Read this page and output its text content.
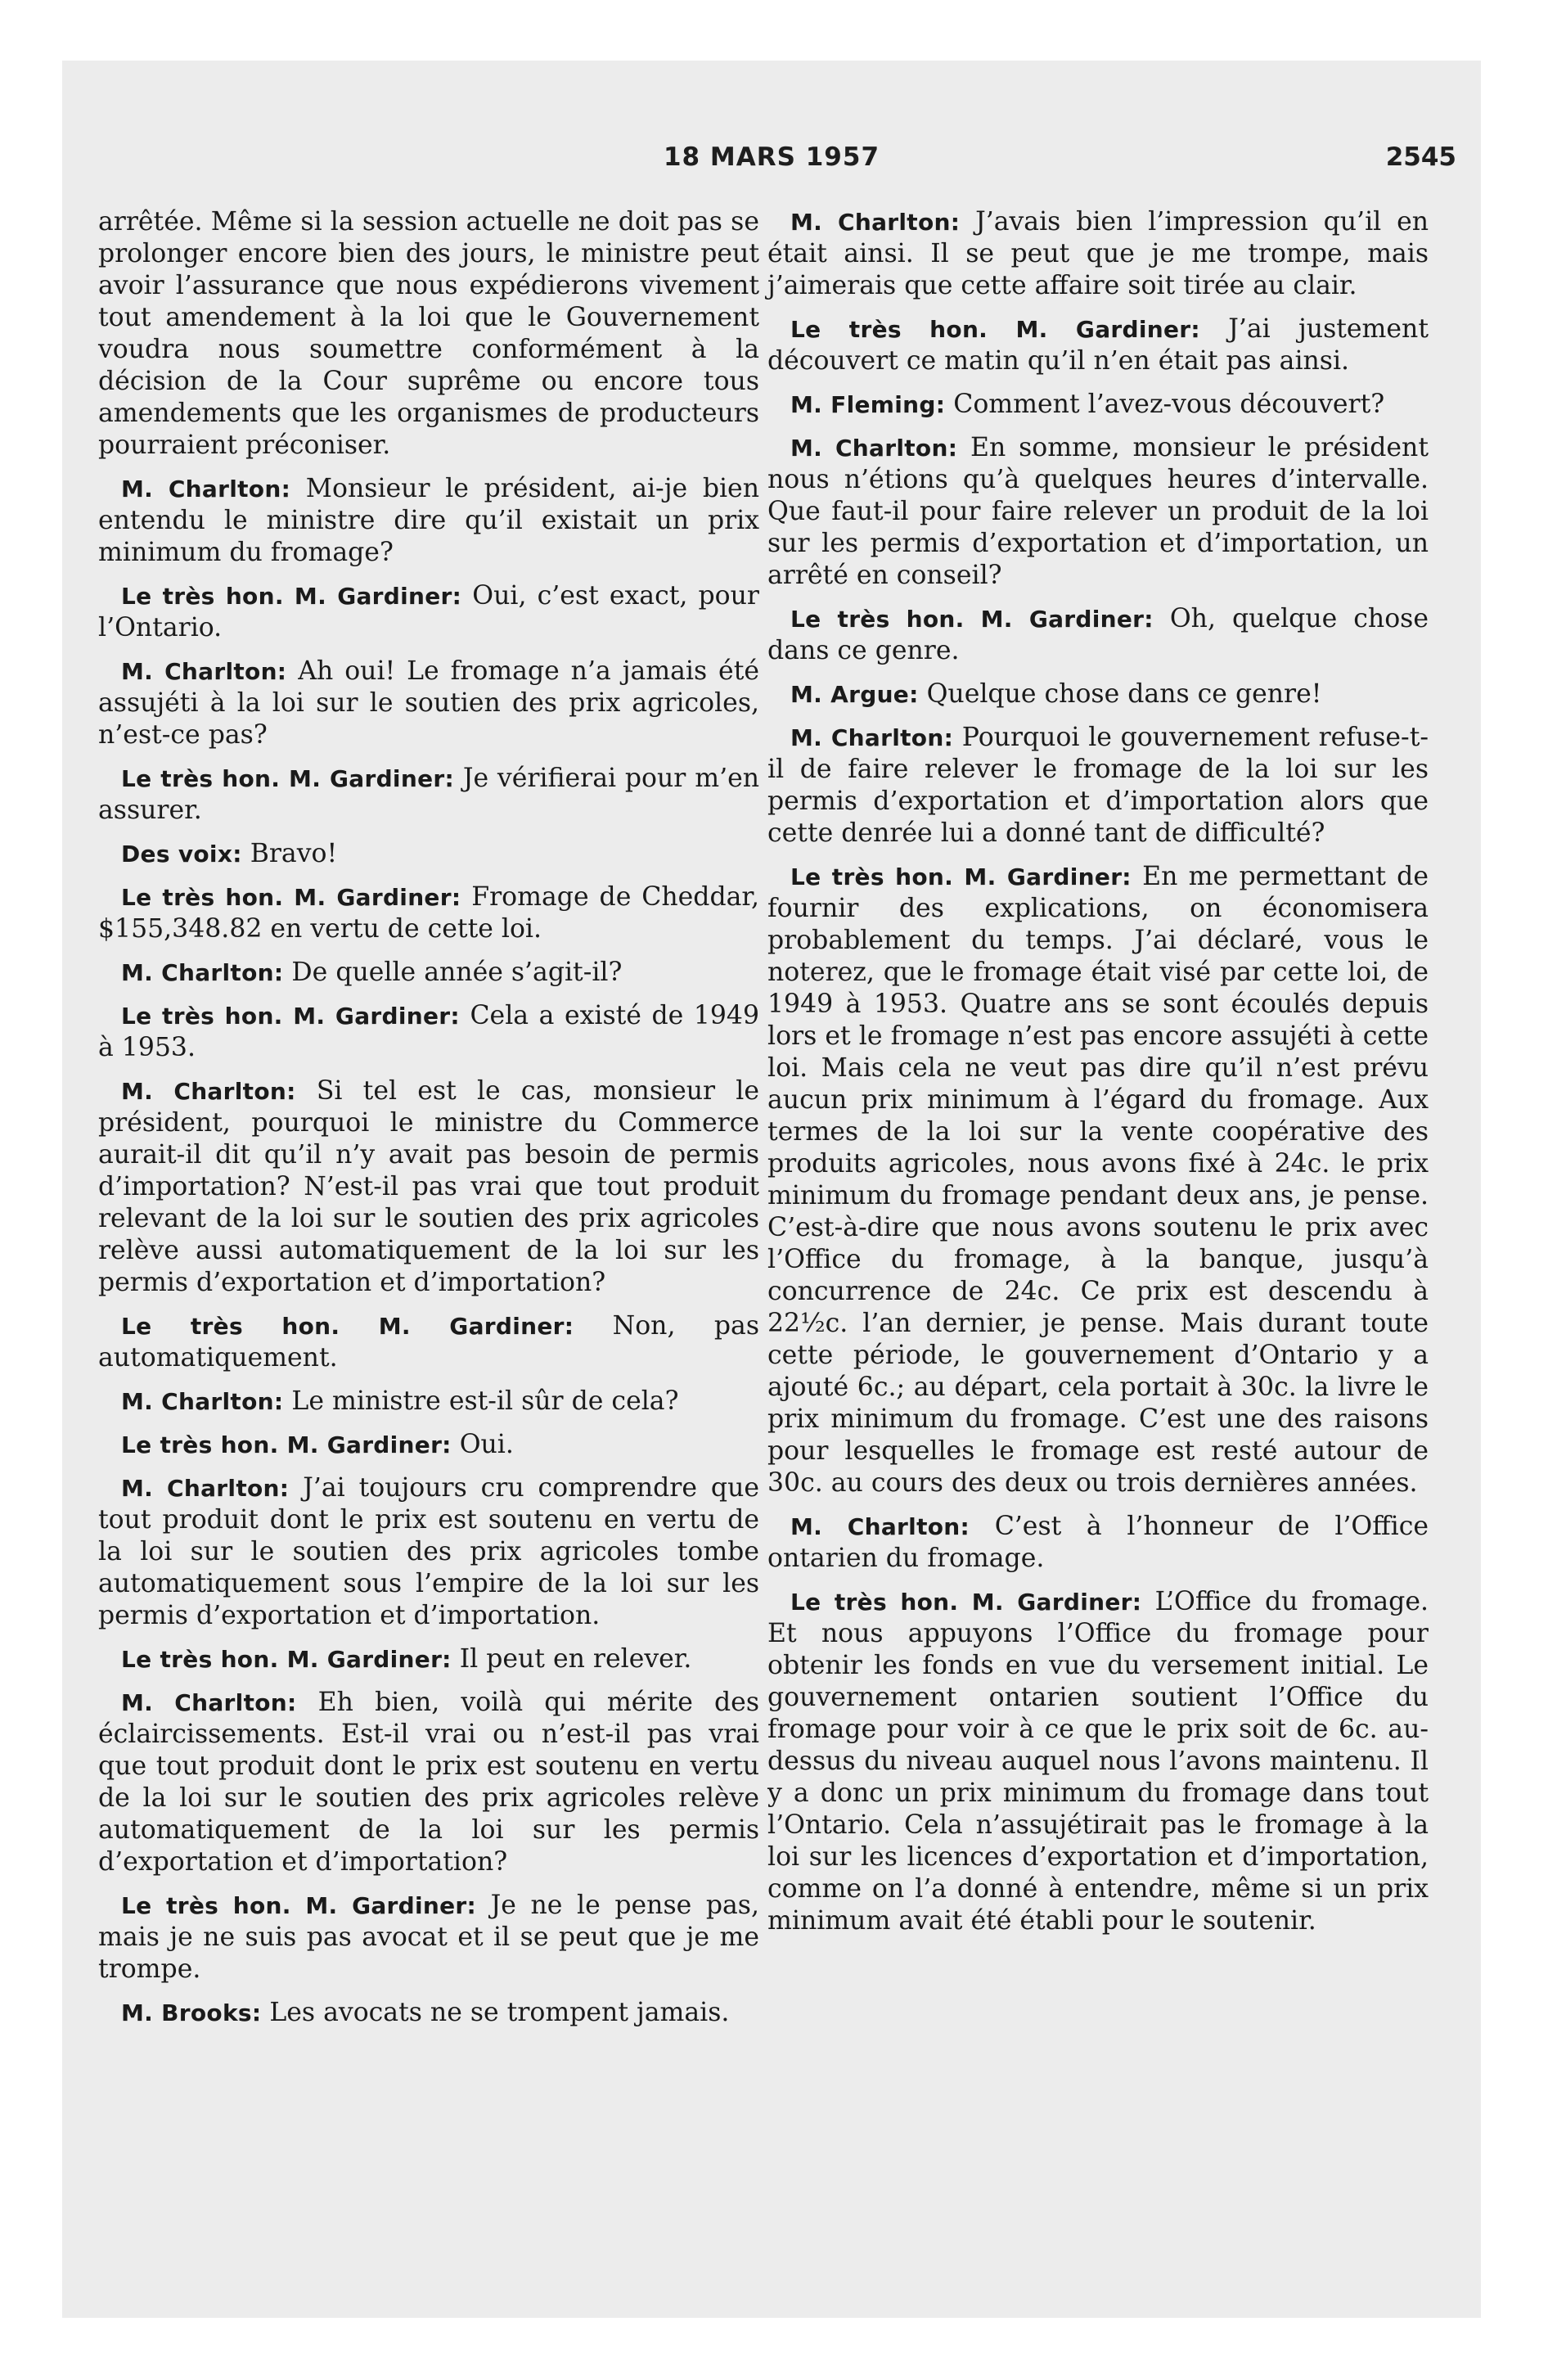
18 MARS 1957	2545

arrêtée. Même si la session actuelle ne doit pas se prolonger encore bien des jours, le ministre peut avoir l’assurance que nous expédierons vivement tout amendement à la loi que le Gouvernement voudra nous soumettre conformément à la décision de la Cour suprême ou encore tous amendements que les organismes de producteurs pourraient préconiser.

M. Charlton: Monsieur le président, ai-je bien entendu le ministre dire qu’il existait un prix minimum du fromage?

Le très hon. M. Gardiner: Oui, c’est exact, pour l’Ontario.

M. Charlton: Ah oui! Le fromage n’a jamais été assujéti à la loi sur le soutien des prix agricoles, n’est-ce pas?

Le très hon. M. Gardiner: Je vérifierai pour m’en assurer.

Des voix: Bravo!

Le très hon. M. Gardiner: Fromage de Cheddar, $155,348.82 en vertu de cette loi.

M. Charlton: De quelle année s’agit-il?

Le très hon. M. Gardiner: Cela a existé de 1949 à 1953.

M. Charlton: Si tel est le cas, monsieur le président, pourquoi le ministre du Commerce aurait-il dit qu’il n’y avait pas besoin de permis d’importation? N’est-il pas vrai que tout produit relevant de la loi sur le soutien des prix agricoles relève aussi automatiquement de la loi sur les permis d’exportation et d’importation?

Le très hon. M. Gardiner: Non, pas automatiquement.

M. Charlton: Le ministre est-il sûr de cela?

Le très hon. M. Gardiner: Oui.

M. Charlton: J’ai toujours cru comprendre que tout produit dont le prix est soutenu en vertu de la loi sur le soutien des prix agricoles tombe automatiquement sous l’empire de la loi sur les permis d’exportation et d’importation.

Le très hon. M. Gardiner: Il peut en relever.

M. Charlton: Eh bien, voilà qui mérite des éclaircissements. Est-il vrai ou n’est-il pas vrai que tout produit dont le prix est soutenu en vertu de la loi sur le soutien des prix agricoles relève automatiquement de la loi sur les permis d’exportation et d’importation?

Le très hon. M. Gardiner: Je ne le pense pas, mais je ne suis pas avocat et il se peut que je me trompe.

M. Brooks: Les avocats ne se trompent jamais.

M. Charlton: J’avais bien l’impression qu’il en était ainsi. Il se peut que je me trompe, mais j’aimerais que cette affaire soit tirée au clair.

Le très hon. M. Gardiner: J’ai justement découvert ce matin qu’il n’en était pas ainsi.

M. Fleming: Comment l’avez-vous découvert?

M. Charlton: En somme, monsieur le président nous n’étions qu’à quelques heures d’intervalle. Que faut-il pour faire relever un produit de la loi sur les permis d’exportation et d’importation, un arrêté en conseil?

Le très hon. M. Gardiner: Oh, quelque chose dans ce genre.

M. Argue: Quelque chose dans ce genre!

M. Charlton: Pourquoi le gouvernement refuse-t-il de faire relever le fromage de la loi sur les permis d’exportation et d’importation alors que cette denrée lui a donné tant de difficulté?

Le très hon. M. Gardiner: En me permettant de fournir des explications, on économisera probablement du temps. J’ai déclaré, vous le noterez, que le fromage était visé par cette loi, de 1949 à 1953. Quatre ans se sont écoulés depuis lors et le fromage n’est pas encore assujéti à cette loi. Mais cela ne veut pas dire qu’il n’est prévu aucun prix minimum à l’égard du fromage. Aux termes de la loi sur la vente coopérative des produits agricoles, nous avons fixé à 24c. le prix minimum du fromage pendant deux ans, je pense. C’est-à-dire que nous avons soutenu le prix avec l’Office du fromage, à la banque, jusqu’à concurrence de 24c. Ce prix est descendu à 22½c. l’an dernier, je pense. Mais durant toute cette période, le gouvernement d’Ontario y a ajouté 6c.; au départ, cela portait à 30c. la livre le prix minimum du fromage. C’est une des raisons pour lesquelles le fromage est resté autour de 30c. au cours des deux ou trois dernières années.

M. Charlton: C’est à l’honneur de l’Office ontarien du fromage.

Le très hon. M. Gardiner: L’Office du fromage. Et nous appuyons l’Office du fromage pour obtenir les fonds en vue du versement initial. Le gouvernement ontarien soutient l’Office du fromage pour voir à ce que le prix soit de 6c. au-dessus du niveau auquel nous l’avons maintenu. Il y a donc un prix minimum du fromage dans tout l’Ontario. Cela n’assujétirait pas le fromage à la loi sur les licences d’exportation et d’importation, comme on l’a donné à entendre, même si un prix minimum avait été établi pour le soutenir.
